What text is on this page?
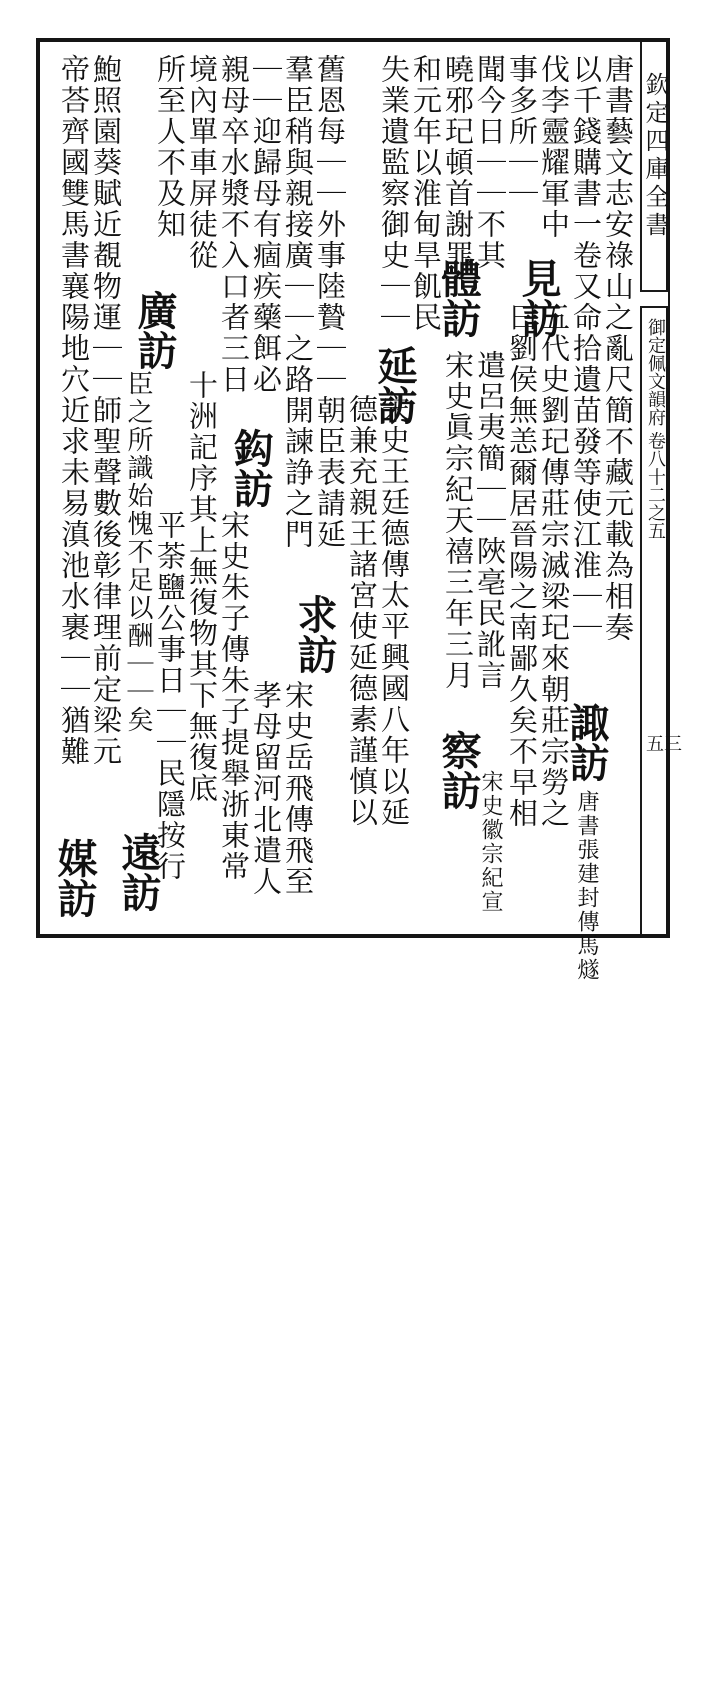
欽定四庫全書
御定佩文韻府 卷八十二之五
五三
唐書藝文志安祿山之亂尺簡不藏元載為相奏
以千錢購書一卷又命拾遺苗發等使江淮｜｜
伐李靈耀軍中
五代史劉玘傳莊宗滅梁玘來朝莊宗勞之
事多所｜｜
曰劉侯無恙爾居晉陽之南鄙久矣不早相
聞今日｜｜不其
遣呂夷簡｜｜陜亳民訛言
曉邪玘頓首謝罪
宋史眞宗紀天禧三年三月
和元年以淮甸旱飢民
宋史王廷德傳太平興國八年以延
失業遺監察御史｜｜
德兼充親王諸宮使延德素謹慎以
舊恩每｜｜外事陸贄｜｜朝臣表請延
羣臣稍與親接廣｜｜之路開諫諍之門
宋史岳飛傳飛至
｜｜迎歸母有痼疾藥餌必
孝母留河北遣人
親母卒水漿不入口者三日
宋史朱子傳朱子提舉浙東常
境內單車屏徒從
十洲記序其上無復物其下無復底
所至人不及知
平荼鹽公事日｜｜民隱按行
鮑照園葵賦近覩物運｜｜師聖聲數後彰律理前定梁元
帝荅齊國雙馬書襄陽地穴近求未易滇池水裹｜｜猶難	見訪
諏訪
唐書張建封傳馬燧
體訪
察訪
宋史徽宗紀宣
延訪
求訪
廣訪
鈎訪
遠訪
媒訪
臣之所識始愧不足以酬｜｜矣
